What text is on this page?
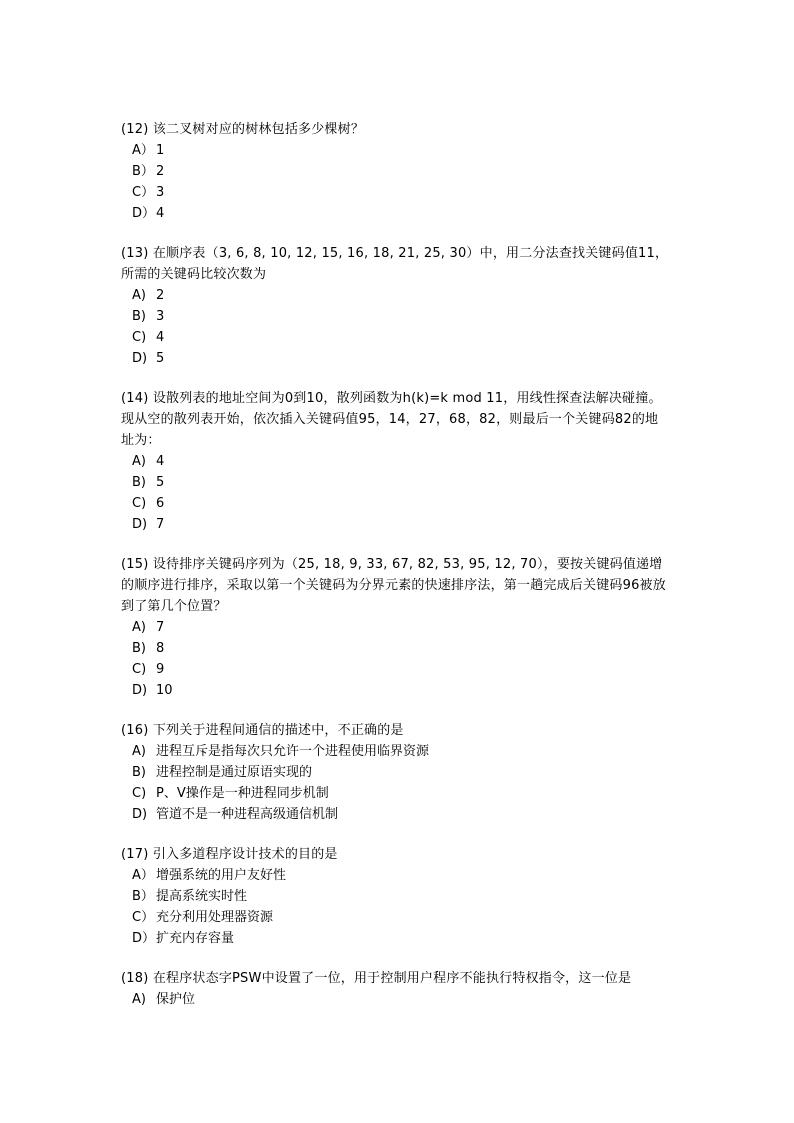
(12) 该二叉树对应的树林包括多少棵树？

A） 1
B） 2
C） 3
D）4

(13) 在顺序表（3, 6, 8, 10, 12, 15, 16, 18, 21, 25, 30）中，用二分法查找关键码值11，所需的关键码比较次数为

A) 2
B) 3
C) 4
D) 5

(14) 设散列表的地址空间为0到10，散列函数为h(k)=k mod 11，用线性探查法解决碰撞。现从空的散列表开始，依次插入关键码值95，14，27，68，82，则最后一个关键码82的地址为：

A) 4
B) 5
C) 6
D) 7

(15) 设待排序关键码序列为（25, 18, 9, 33, 67, 82, 53, 95, 12, 70），要按关键码值递增的顺序进行排序，采取以第一个关键码为分界元素的快速排序法，第一趟完成后关键码96被放到了第几个位置？

A) 7
B) 8
C) 9
D) 10

(16) 下列关于进程间通信的描述中，不正确的是

A) 进程互斥是指每次只允许一个进程使用临界资源
B) 进程控制是通过原语实现的
C) P、V操作是一种进程同步机制
D) 管道不是一种进程高级通信机制

(17) 引入多道程序设计技术的目的是

A） 增强系统的用户友好性
B） 提高系统实时性
C） 充分利用处理器资源
D）扩充内存容量

(18) 在程序状态字PSW中设置了一位，用于控制用户程序不能执行特权指令，这一位是

A) 保护位
